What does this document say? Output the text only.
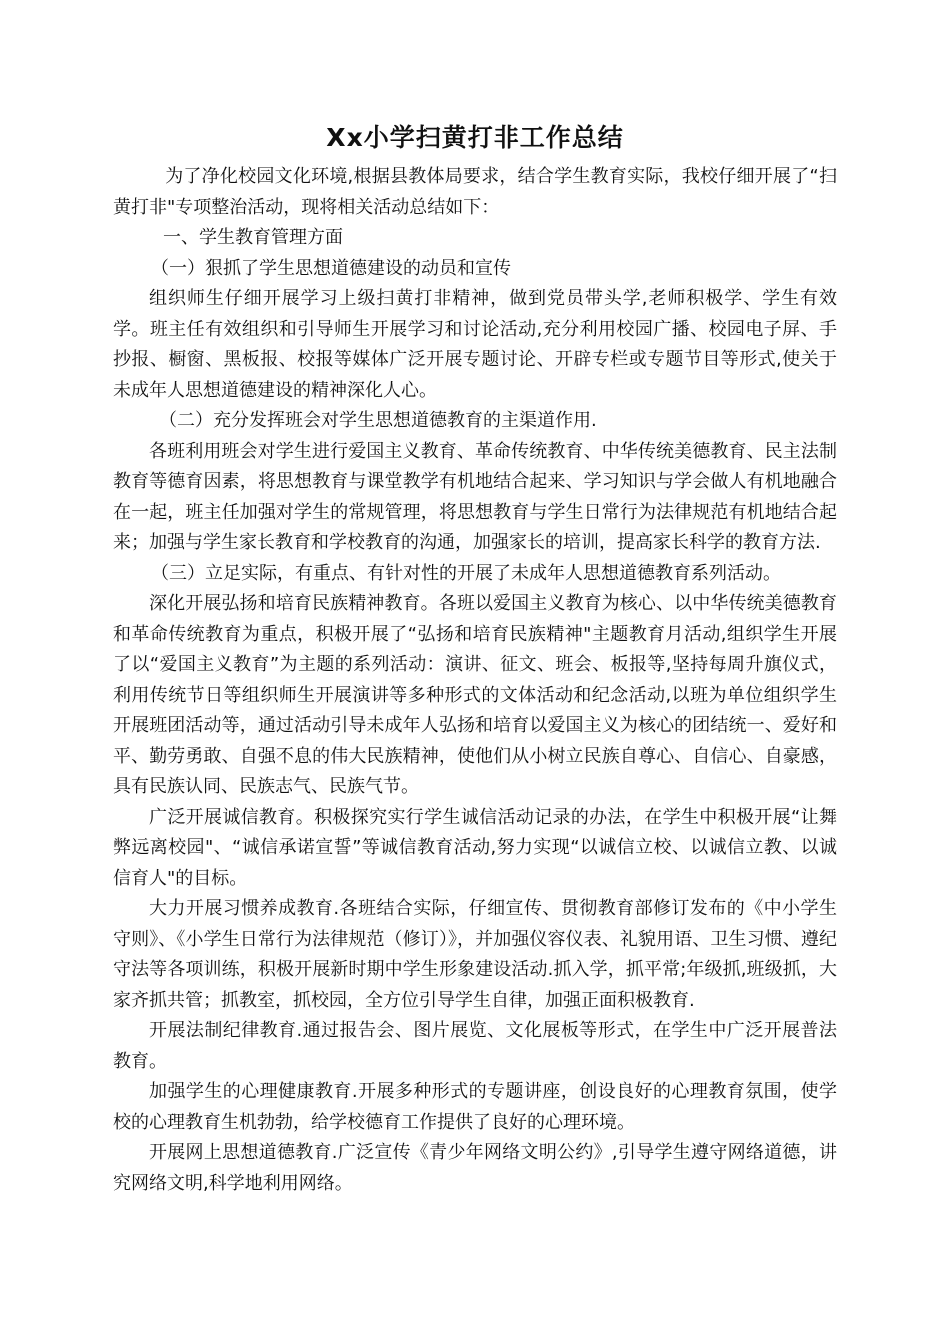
Xx小学扫黄打非工作总结

为了净化校园文化环境,根据县教体局要求，结合学生教育实际，我校仔细开展了“扫黄打非"专项整治活动，现将相关活动总结如下：

一、学生教育管理方面

（一）狠抓了学生思想道德建设的动员和宣传

组织师生仔细开展学习上级扫黄打非精神，做到党员带头学,老师积极学、学生有效学。班主任有效组织和引导师生开展学习和讨论活动,充分利用校园广播、校园电子屏、手抄报、橱窗、黑板报、校报等媒体广泛开展专题讨论、开辟专栏或专题节目等形式,使关于未成年人思想道德建设的精神深化人心。

（二）充分发挥班会对学生思想道德教育的主渠道作用.

各班利用班会对学生进行爱国主义教育、革命传统教育、中华传统美德教育、民主法制教育等德育因素，将思想教育与课堂教学有机地结合起来、学习知识与学会做人有机地融合在一起，班主任加强对学生的常规管理，将思想教育与学生日常行为法律规范有机地结合起来；加强与学生家长教育和学校教育的沟通，加强家长的培训，提高家长科学的教育方法.

（三）立足实际，有重点、有针对性的开展了未成年人思想道德教育系列活动。

深化开展弘扬和培育民族精神教育。各班以爱国主义教育为核心、以中华传统美德教育和革命传统教育为重点，积极开展了“弘扬和培育民族精神"主题教育月活动,组织学生开展了以“爱国主义教育”为主题的系列活动：演讲、征文、班会、板报等,坚持每周升旗仪式，利用传统节日等组织师生开展演讲等多种形式的文体活动和纪念活动,以班为单位组织学生开展班团活动等，通过活动引导未成年人弘扬和培育以爱国主义为核心的团结统一、爱好和平、勤劳勇敢、自强不息的伟大民族精神，使他们从小树立民族自尊心、自信心、自豪感，具有民族认同、民族志气、民族气节。

广泛开展诚信教育。积极探究实行学生诚信活动记录的办法，在学生中积极开展“让舞弊远离校园"、“诚信承诺宣誓”等诚信教育活动,努力实现“以诚信立校、以诚信立教、以诚信育人"的目标。

大力开展习惯养成教育.各班结合实际，仔细宣传、贯彻教育部修订发布的《中小学生守则》、《小学生日常行为法律规范（修订）》，并加强仪容仪表、礼貌用语、卫生习惯、遵纪守法等各项训练，积极开展新时期中学生形象建设活动.抓入学，抓平常;年级抓,班级抓，大家齐抓共管；抓教室，抓校园，全方位引导学生自律，加强正面积极教育.

开展法制纪律教育.通过报告会、图片展览、文化展板等形式，在学生中广泛开展普法教育。

加强学生的心理健康教育.开展多种形式的专题讲座，创设良好的心理教育氛围，使学校的心理教育生机勃勃，给学校德育工作提供了良好的心理环境。

开展网上思想道德教育.广泛宣传《青少年网络文明公约》,引导学生遵守网络道德，讲究网络文明,科学地利用网络。
